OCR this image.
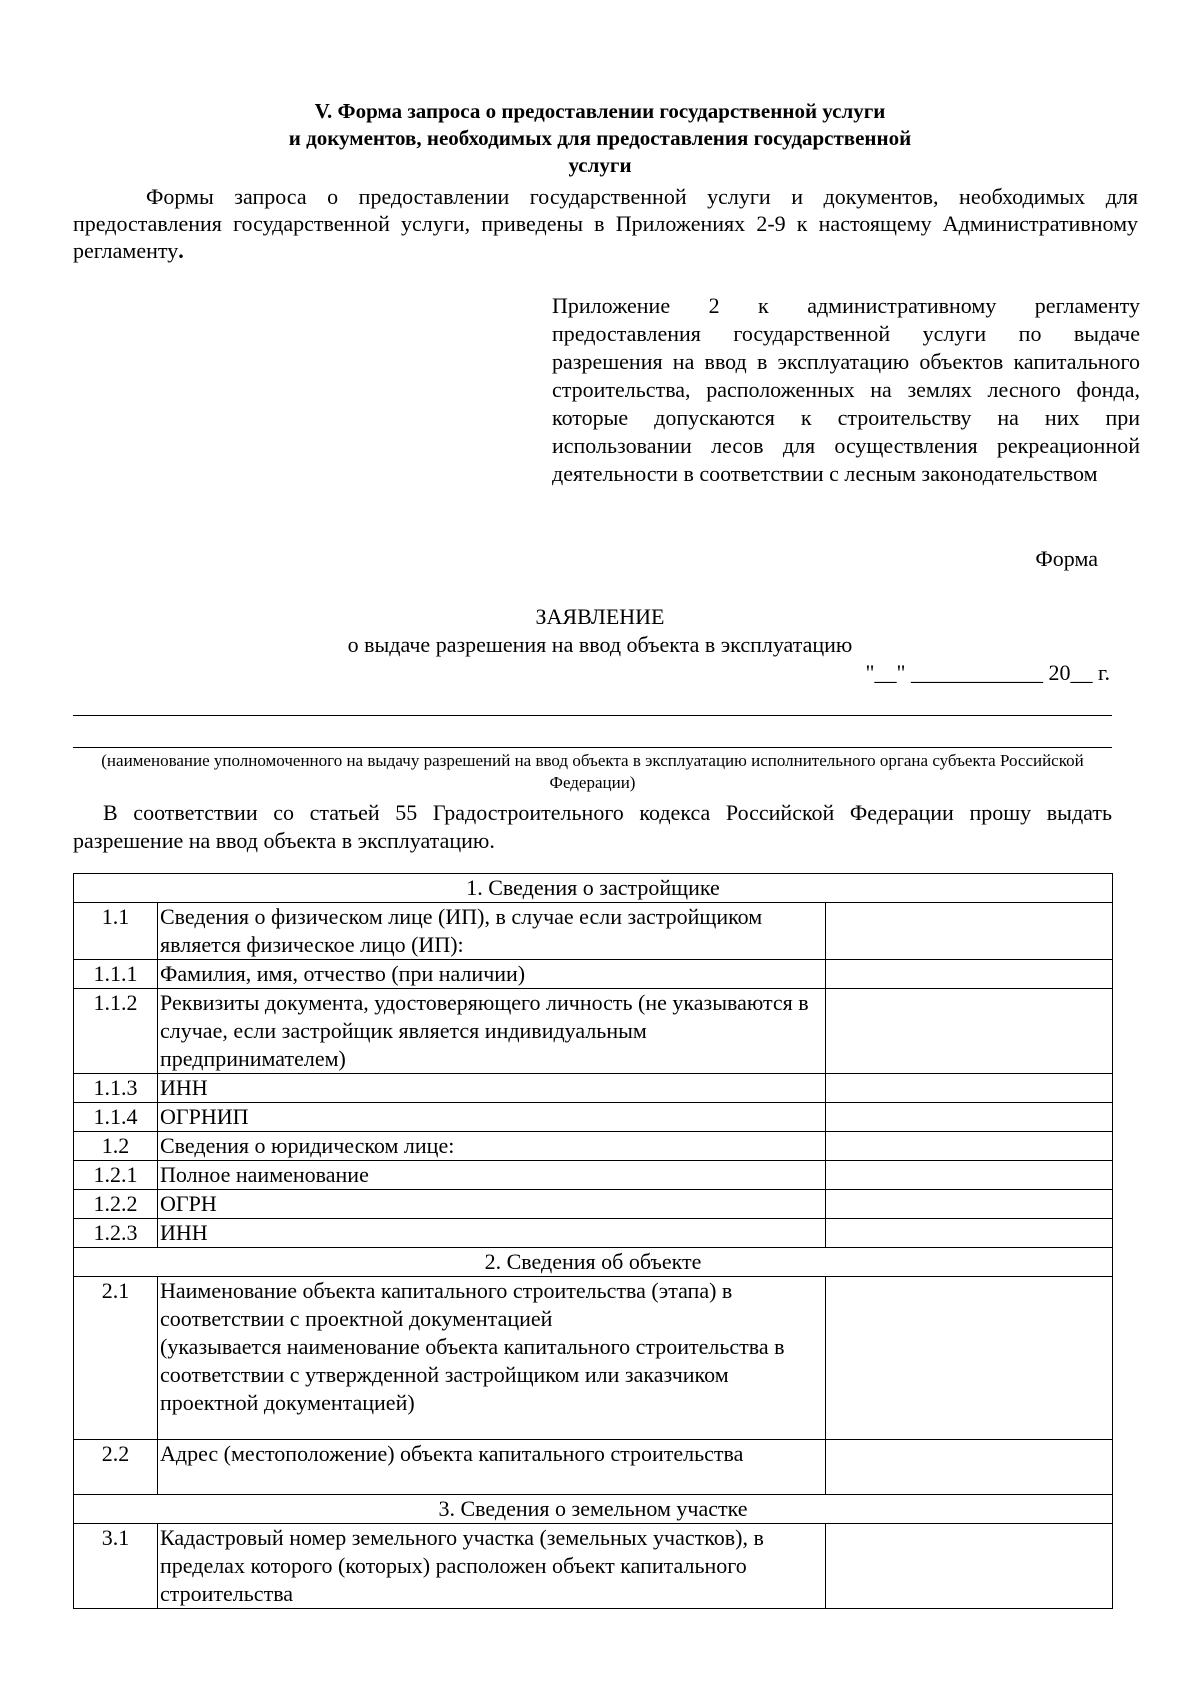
V. Форма запроса о предоставлении государственной услуги
и документов, необходимых для предоставления государственной
услуги

Формы запроса о предоставлении государственной услуги и документов, необходимых для предоставления государственной услуги, приведены в Приложениях 2-9 к настоящему Административному регламенту.

Приложение 2 к административному регламенту предоставления государственной услуги по выдаче разрешения на ввод в эксплуатацию объектов капитального строительства, расположенных на землях лесного фонда, которые допускаются к строительству на них при использовании лесов для осуществления рекреационной деятельности в соответствии с лесным законодательством

Форма
ЗАЯВЛЕНИЕ
о выдаче разрешения на ввод объекта в эксплуатацию
"__" ____________ 20__ г.
(наименование уполномоченного на выдачу разрешений на ввод объекта в эксплуатацию исполнительного органа субъекта Российской Федерации)

В соответствии со статьей 55 Градостроительного кодекса Российской Федерации прошу выдать разрешение на ввод объекта в эксплуатацию.

1. Сведения о застройщике		
1.1	Сведения о физическом лице (ИП), в случае если застройщиком является физическое лицо (ИП):	
1.1.1	Фамилия, имя, отчество (при наличии)	
1.1.2	Реквизиты документа, удостоверяющего личность (не указываются в случае, если застройщик является индивидуальным предпринимателем)	
1.1.3	ИНН	
1.1.4	ОГРНИП	
1.2	Сведения о юридическом лице:	
1.2.1	Полное наименование	
1.2.2	ОГРН	
1.2.3	ИНН	
2. Сведения об объекте		
2.1	Наименование объекта капитального строительства (этапа) в соответствии с проектной документацией
(указывается наименование объекта капитального строительства в соответствии с утвержденной застройщиком или заказчиком проектной документацией)	
2.2	Адрес (местоположение) объекта капитального строительства	
3. Сведения о земельном участке		
3.1	Кадастровый номер земельного участка (земельных участков), в пределах которого (которых) расположен объект капитального строительства	
